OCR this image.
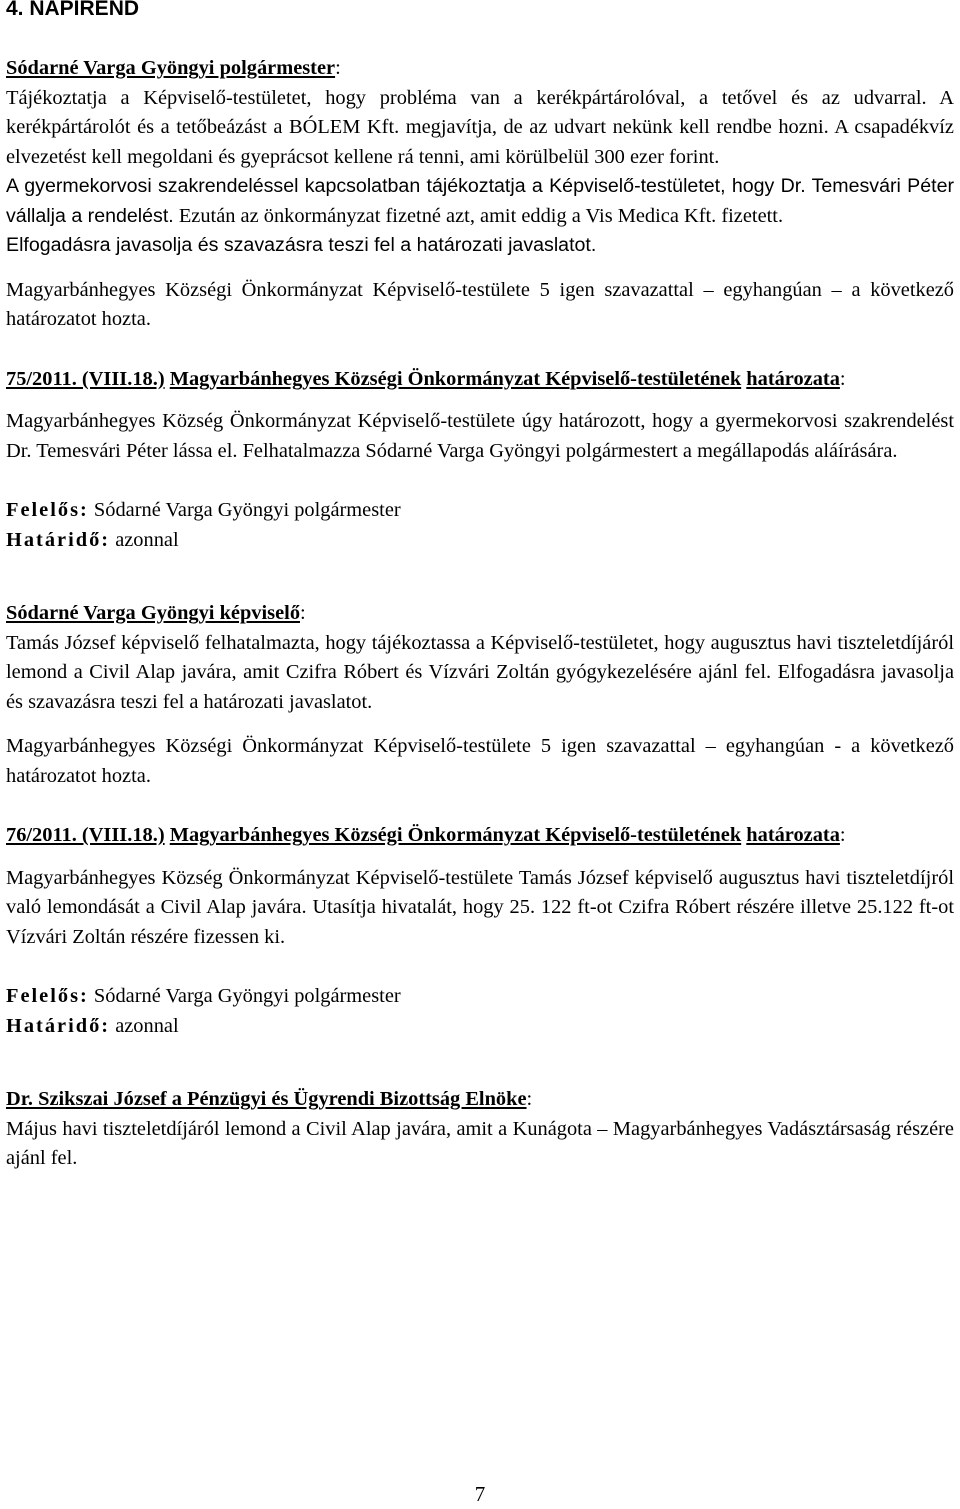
4. NAPIREND

Sódarné Varga Gyöngyi polgármester:

Tájékoztatja a Képviselő-testületet, hogy probléma van a kerékpártárolóval, a tetővel és az udvarral. A kerékpártárolót és a tetőbeázást a BÓLEM Kft. megjavítja, de az udvart nekünk kell rendbe hozni. A csapadékvíz elvezetést kell megoldani és gyeprácsot kellene rá tenni, ami körülbelül 300 ezer forint.

A gyermekorvosi szakrendeléssel kapcsolatban tájékoztatja a Képviselő-testületet, hogy Dr. Temesvári Péter vállalja a rendelést. Ezután az önkormányzat fizetné azt, amit eddig a Vis Medica Kft. fizetett.

Elfogadásra javasolja és szavazásra teszi fel a határozati javaslatot.

Magyarbánhegyes Községi Önkormányzat Képviselő-testülete 5 igen szavazattal – egyhangúan – a következő határozatot hozta.

75/2011. (VIII.18.) Magyarbánhegyes Községi Önkormányzat Képviselő-testületének határozata:

Magyarbánhegyes Község Önkormányzat Képviselő-testülete úgy határozott, hogy a gyermekorvosi szakrendelést Dr. Temesvári Péter lássa el. Felhatalmazza Sódarné Varga Gyöngyi polgármestert a megállapodás aláírására.

Felelős: Sódarné Varga Gyöngyi polgármester

Határidő: azonnal

Sódarné Varga Gyöngyi képviselő:

Tamás József képviselő felhatalmazta, hogy tájékoztassa a Képviselő-testületet, hogy augusztus havi tiszteletdíjáról lemond a Civil Alap javára, amit Czifra Róbert és Vízvári Zoltán gyógykezelésére ajánl fel. Elfogadásra javasolja és szavazásra teszi fel a határozati javaslatot.

Magyarbánhegyes Községi Önkormányzat Képviselő-testülete 5 igen szavazattal – egyhangúan - a következő határozatot hozta.

76/2011. (VIII.18.) Magyarbánhegyes Községi Önkormányzat Képviselő-testületének határozata:

Magyarbánhegyes Község Önkormányzat Képviselő-testülete Tamás József képviselő augusztus havi tiszteletdíjról való lemondását a Civil Alap javára. Utasítja hivatalát, hogy 25. 122 ft-ot Czifra Róbert részére illetve 25.122 ft-ot Vízvári Zoltán részére fizessen ki.

Felelős: Sódarné Varga Gyöngyi polgármester

Határidő: azonnal

Dr. Szikszai József a Pénzügyi és Ügyrendi Bizottság Elnöke:

Május havi tiszteletdíjáról lemond a Civil Alap javára, amit a Kunágota – Magyarbánhegyes Vadásztársaság részére ajánl fel.

7
